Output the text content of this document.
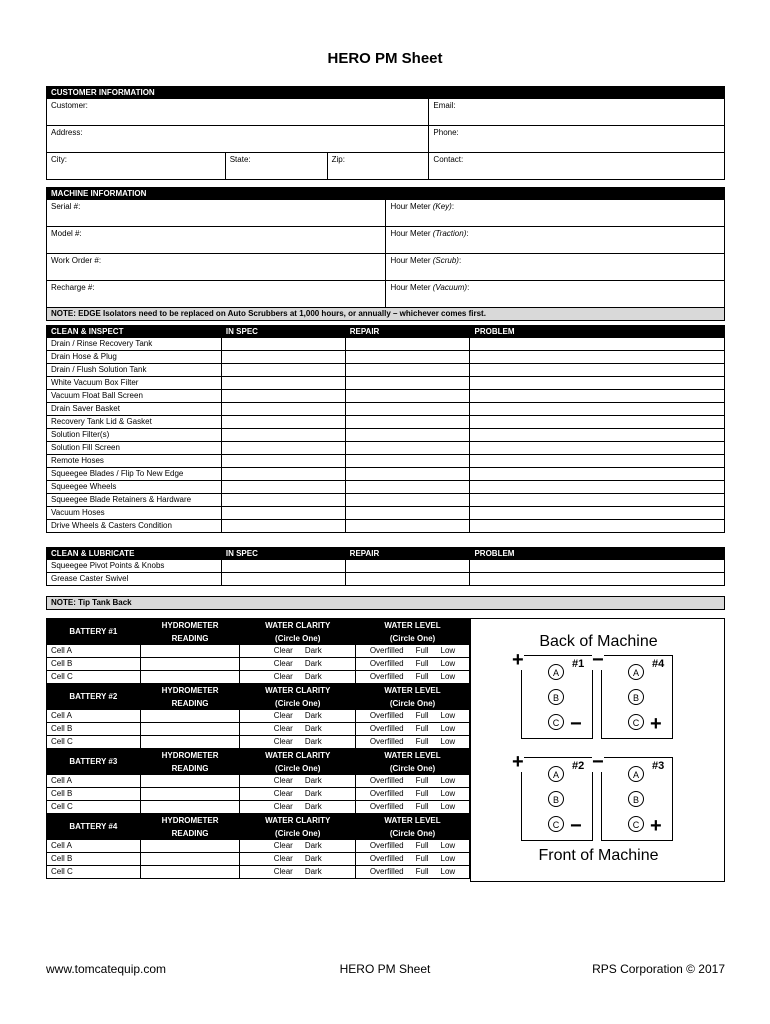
HERO PM Sheet
CUSTOMER INFORMATION			
Customer:			Email:
Address:			Phone:
City:	State:	Zip:	Contact:
MACHINE INFORMATION	
Serial #:	Hour Meter (Key):
Model #:	Hour Meter (Traction):
Work Order #:	Hour Meter (Scrub):
Recharge #:	Hour Meter (Vacuum):
NOTE: EDGE Isolators need to be replaced on Auto Scrubbers at 1,000 hours, or annually – whichever comes first.	
CLEAN & INSPECT	IN SPEC	REPAIR	PROBLEM
Drain / Rinse Recovery Tank			
Drain Hose & Plug			
Drain / Flush Solution Tank			
White Vacuum Box Filter			
Vacuum Float Ball Screen			
Drain Saver Basket			
Recovery Tank Lid & Gasket			
Solution Filter(s)			
Solution Fill Screen			
Remote Hoses			
Squeegee Blades / Flip To New Edge			
Squeegee Wheels			
Squeegee Blade Retainers & Hardware			
Vacuum Hoses			
Drive Wheels & Casters Condition			
CLEAN & LUBRICATE	IN SPEC	REPAIR	PROBLEM
Squeegee Pivot Points & Knobs			
Grease Caster Swivel			
NOTE: Tip Tank Back
BATTERY #1	HYDROMETER	WATER CLARITY	WATER LEVEL
	READING	(Circle One)	(Circle One)
Cell A		Clear Dark	Overfilled Full Low
Cell B		Clear Dark	Overfilled Full Low
Cell C		Clear Dark	Overfilled Full Low
BATTERY #2	HYDROMETER	WATER CLARITY	WATER LEVEL
	READING	(Circle One)	(Circle One)
Cell A		Clear Dark	Overfilled Full Low
Cell B		Clear Dark	Overfilled Full Low
Cell C		Clear Dark	Overfilled Full Low
BATTERY #3	HYDROMETER	WATER CLARITY	WATER LEVEL
	READING	(Circle One)	(Circle One)
Cell A		Clear Dark	Overfilled Full Low
Cell B		Clear Dark	Overfilled Full Low
Cell C		Clear Dark	Overfilled Full Low
BATTERY #4	HYDROMETER	WATER CLARITY	WATER LEVEL
	READING	(Circle One)	(Circle One)
Cell A		Clear Dark	Overfilled Full Low
Cell B		Clear Dark	Overfilled Full Low
Cell C		Clear Dark	Overfilled Full Low
Back of Machine
Front of Machine
+	#1
A
B
C −
−	#4
A
B
C +
+	#2
A
B
C −
−	#3
A
B
C +
www.tomcatequip.com	HERO PM Sheet	RPS Corporation © 2017
